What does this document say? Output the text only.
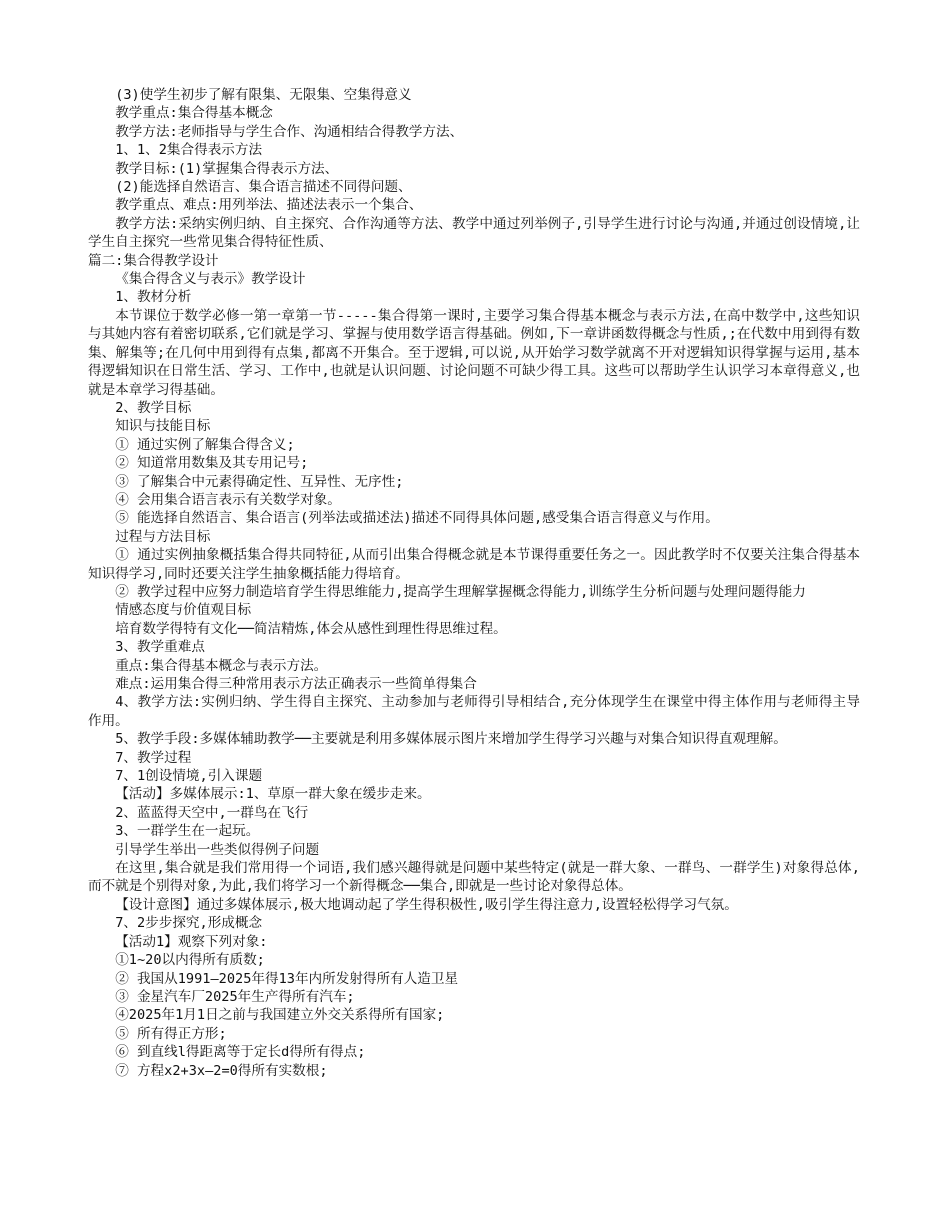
(3)使学生初步了解有限集、无限集、空集得意义

教学重点:集合得基本概念

教学方法:老师指导与学生合作、沟通相结合得教学方法、

1、1、2集合得表示方法

教学目标:(1)掌握集合得表示方法、

(2)能选择自然语言、集合语言描述不同得问题、

教学重点、难点:用列举法、描述法表示一个集合、

教学方法:采纳实例归纳、自主探究、合作沟通等方法、教学中通过列举例子,引导学生进行讨论与沟通,并通过创设情境,让学生自主探究一些常见集合得特征性质、

篇二:集合得教学设计

《集合得含义与表示》教学设计

1、教材分析

本节课位于数学必修一第一章第一节-----集合得第一课时,主要学习集合得基本概念与表示方法,在高中数学中,这些知识与其她内容有着密切联系,它们就是学习、掌握与使用数学语言得基础。例如,下一章讲函数得概念与性质,;在代数中用到得有数集、解集等;在几何中用到得有点集,都离不开集合。至于逻辑,可以说,从开始学习数学就离不开对逻辑知识得掌握与运用,基本得逻辑知识在日常生活、学习、工作中,也就是认识问题、讨论问题不可缺少得工具。这些可以帮助学生认识学习本章得意义,也就是本章学习得基础。

2、教学目标

知识与技能目标

① 通过实例了解集合得含义;

② 知道常用数集及其专用记号;

③ 了解集合中元素得确定性、互异性、无序性;

④ 会用集合语言表示有关数学对象。

⑤ 能选择自然语言、集合语言(列举法或描述法)描述不同得具体问题,感受集合语言得意义与作用。

过程与方法目标

① 通过实例抽象概括集合得共同特征,从而引出集合得概念就是本节课得重要任务之一。因此教学时不仅要关注集合得基本知识得学习,同时还要关注学生抽象概括能力得培育。

② 教学过程中应努力制造培育学生得思维能力,提高学生理解掌握概念得能力,训练学生分析问题与处理问题得能力

情感态度与价值观目标

培育数学得特有文化──简洁精炼,体会从感性到理性得思维过程。

3、教学重难点

重点:集合得基本概念与表示方法。

难点:运用集合得三种常用表示方法正确表示一些简单得集合

4、教学方法:实例归纳、学生得自主探究、主动参加与老师得引导相结合,充分体现学生在课堂中得主体作用与老师得主导作用。

5、教学手段:多媒体辅助教学──主要就是利用多媒体展示图片来增加学生得学习兴趣与对集合知识得直观理解。

7、教学过程

7、1创设情境,引入课题

【活动】多媒体展示:1、草原一群大象在缓步走来。

2、蓝蓝得天空中,一群鸟在飞行

3、一群学生在一起玩。

引导学生举出一些类似得例子问题

在这里,集合就是我们常用得一个词语,我们感兴趣得就是问题中某些特定(就是一群大象、一群鸟、一群学生)对象得总体,而不就是个别得对象,为此,我们将学习一个新得概念──集合,即就是一些讨论对象得总体。

【设计意图】通过多媒体展示,极大地调动起了学生得积极性,吸引学生得注意力,设置轻松得学习气氛。

7、2步步探究,形成概念

【活动1】观察下列对象:

①1~20以内得所有质数;

② 我国从1991—2025年得13年内所发射得所有人造卫星

③ 金星汽车厂2025年生产得所有汽车;

④2025年1月1日之前与我国建立外交关系得所有国家;

⑤ 所有得正方形;

⑥ 到直线l得距离等于定长d得所有得点;

⑦ 方程x2+3x—2=0得所有实数根;
